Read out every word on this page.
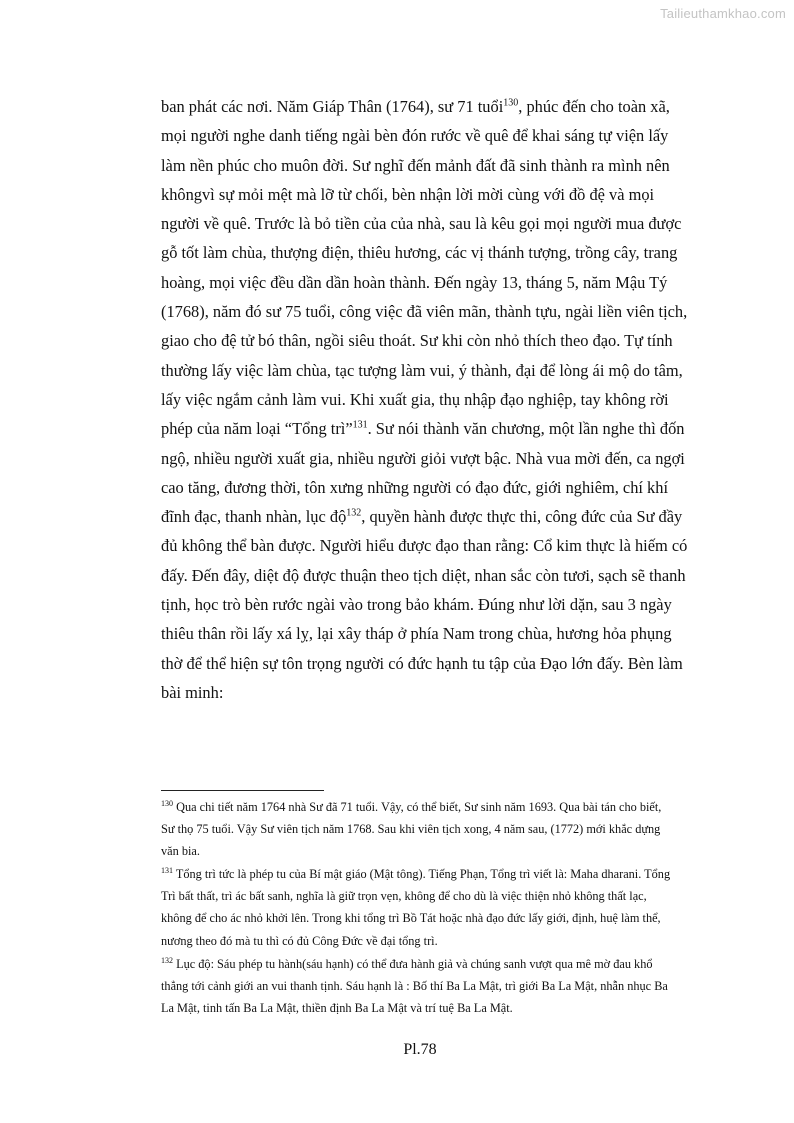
Tailieuthamkhao.com
ban phát các nơi. Năm Giáp Thân (1764), sư 71 tuổi$^{130}$, phúc đến cho toàn xã,
mọi người nghe danh tiếng ngài bèn đón rước về quê để khai sáng tự viện lấy
làm nền phúc cho muôn đời. Sư nghĩ đến mảnh đất đã sinh thành ra mình nên
khôngvì sự mỏi mệt mà lỡ từ chối, bèn nhận lời mời cùng với đồ đệ và mọi
người về quê. Trước là bỏ tiền của của nhà, sau là kêu gọi mọi người mua được
gỗ tốt làm chùa, thượng điện, thiêu hương, các vị thánh tượng, trồng cây, trang
hoàng, mọi việc đều dần dần hoàn thành. Đến ngày 13, tháng 5, năm Mậu Tý
(1768), năm đó sư 75 tuổi, công việc đã viên mãn, thành tựu, ngài liền viên tịch,
giao cho đệ tử bó thân, ngồi siêu thoát. Sư khi còn nhỏ thích theo đạo. Tự tính
thường lấy việc làm chùa, tạc tượng làm vui, ý thành, đại để lòng ái mộ do tâm,
lấy việc ngắm cảnh làm vui. Khi xuất gia, thụ nhập đạo nghiệp, tay không rời
phép của năm loại “Tổng trì”$^{131}$. Sư nói thành văn chương, một lần nghe thì đốn
ngộ, nhiều người xuất gia, nhiều người giỏi vượt bậc. Nhà vua mời đến, ca ngợi
cao tăng, đương thời, tôn xưng những người có đạo đức, giới nghiêm, chí khí
đĩnh đạc, thanh nhàn, lục độ$^{132}$, quyền hành được thực thi, công đức của Sư đầy
đủ không thể bàn được. Người hiểu được đạo than rằng: Cổ kim thực là hiếm có
đấy. Đến đây, diệt độ được thuận theo tịch diệt, nhan sắc còn tươi, sạch sẽ thanh
tịnh, học trò bèn rước ngài vào trong bảo khám. Đúng như lời dặn, sau 3 ngày
thiêu thân rồi lấy xá lỵ, lại xây tháp ở phía Nam trong chùa, hương hỏa phụng
thờ để thể hiện sự tôn trọng người có đức hạnh tu tập của Đạo lớn đấy. Bèn làm
bài minh:
$^{130}$ Qua chi tiết năm 1764 nhà Sư đã 71 tuổi. Vậy, có thể biết, Sư sinh năm 1693. Qua bài tán cho biết,
Sư thọ 75 tuổi. Vậy Sư viên tịch năm 1768. Sau khi viên tịch xong, 4 năm sau, (1772) mới khắc dựng
văn bia.
$^{131}$ Tổng trì tức là phép tu của Bí mật giáo (Mật tông). Tiếng Phạn, Tổng trì viết là: Maha dharani. Tổng
Trì bất thất, trì ác bất sanh, nghĩa là giữ trọn vẹn, không để cho dù là việc thiện nhỏ không thất lạc,
không để cho ác nhỏ khởi lên. Trong khi tổng trì Bồ Tát hoặc nhà đạo đức lấy giới, định, huệ làm thể,
nương theo đó mà tu thì có đủ Công Đức về đại tổng trì.
$^{132}$ Lục độ: Sáu phép tu hành(sáu hạnh) có thể đưa hành giả và chúng sanh vượt qua mê mờ đau khổ
thẳng tới cảnh giới an vui thanh tịnh. Sáu hạnh là : Bố thí Ba La Mật, trì giới Ba La Mật, nhẫn nhục Ba
La Mật, tinh tấn Ba La Mật, thiền định Ba La Mật và trí tuệ Ba La Mật.
Pl.78
